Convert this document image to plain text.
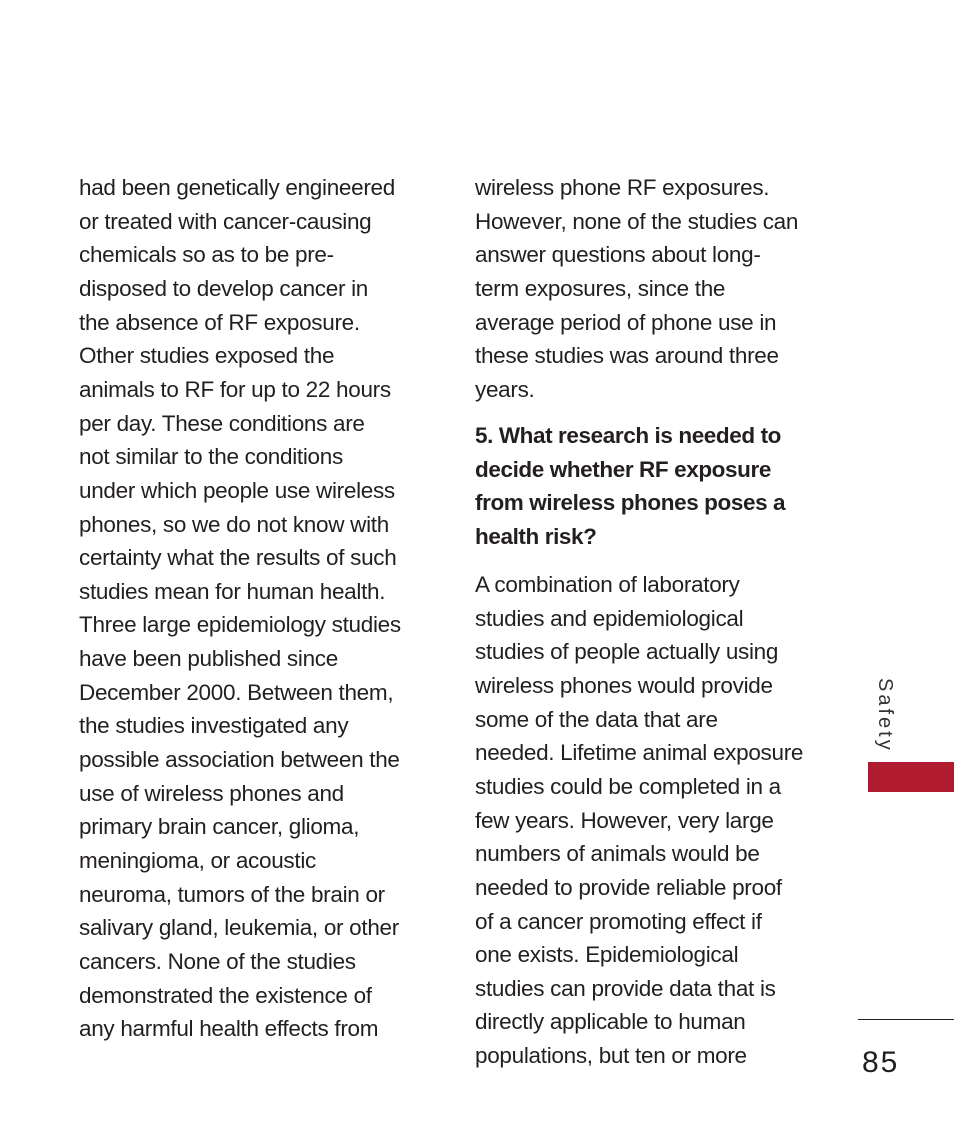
had been genetically engineered
or treated with cancer-causing
chemicals so as to be pre-
disposed to develop cancer in
the absence of RF exposure.
Other studies exposed the
animals to RF for up to 22 hours
per day. These conditions are
not similar to the conditions
under which people use wireless
phones, so we do not know with
certainty what the results of such
studies mean for human health.
Three large epidemiology studies
have been published since
December 2000. Between them,
the studies investigated any
possible association between the
use of wireless phones and
primary brain cancer, glioma,
meningioma, or acoustic
neuroma, tumors of the brain or
salivary gland, leukemia, or other
cancers. None of the studies
demonstrated the existence of
any harmful health effects from
wireless phone RF exposures.
However, none of the studies can
answer questions about long-
term exposures, since the
average period of phone use in
these studies was around three
years.
5. What research is needed to
decide whether RF exposure
from wireless phones poses a
health risk?
A combination of laboratory
studies and epidemiological
studies of people actually using
wireless phones would provide
some of the data that are
needed. Lifetime animal exposure
studies could be completed in a
few years. However, very large
numbers of animals would be
needed to provide reliable proof
of a cancer promoting effect if
one exists. Epidemiological
studies can provide data that is
directly applicable to human
populations, but ten or more
Safety
85
